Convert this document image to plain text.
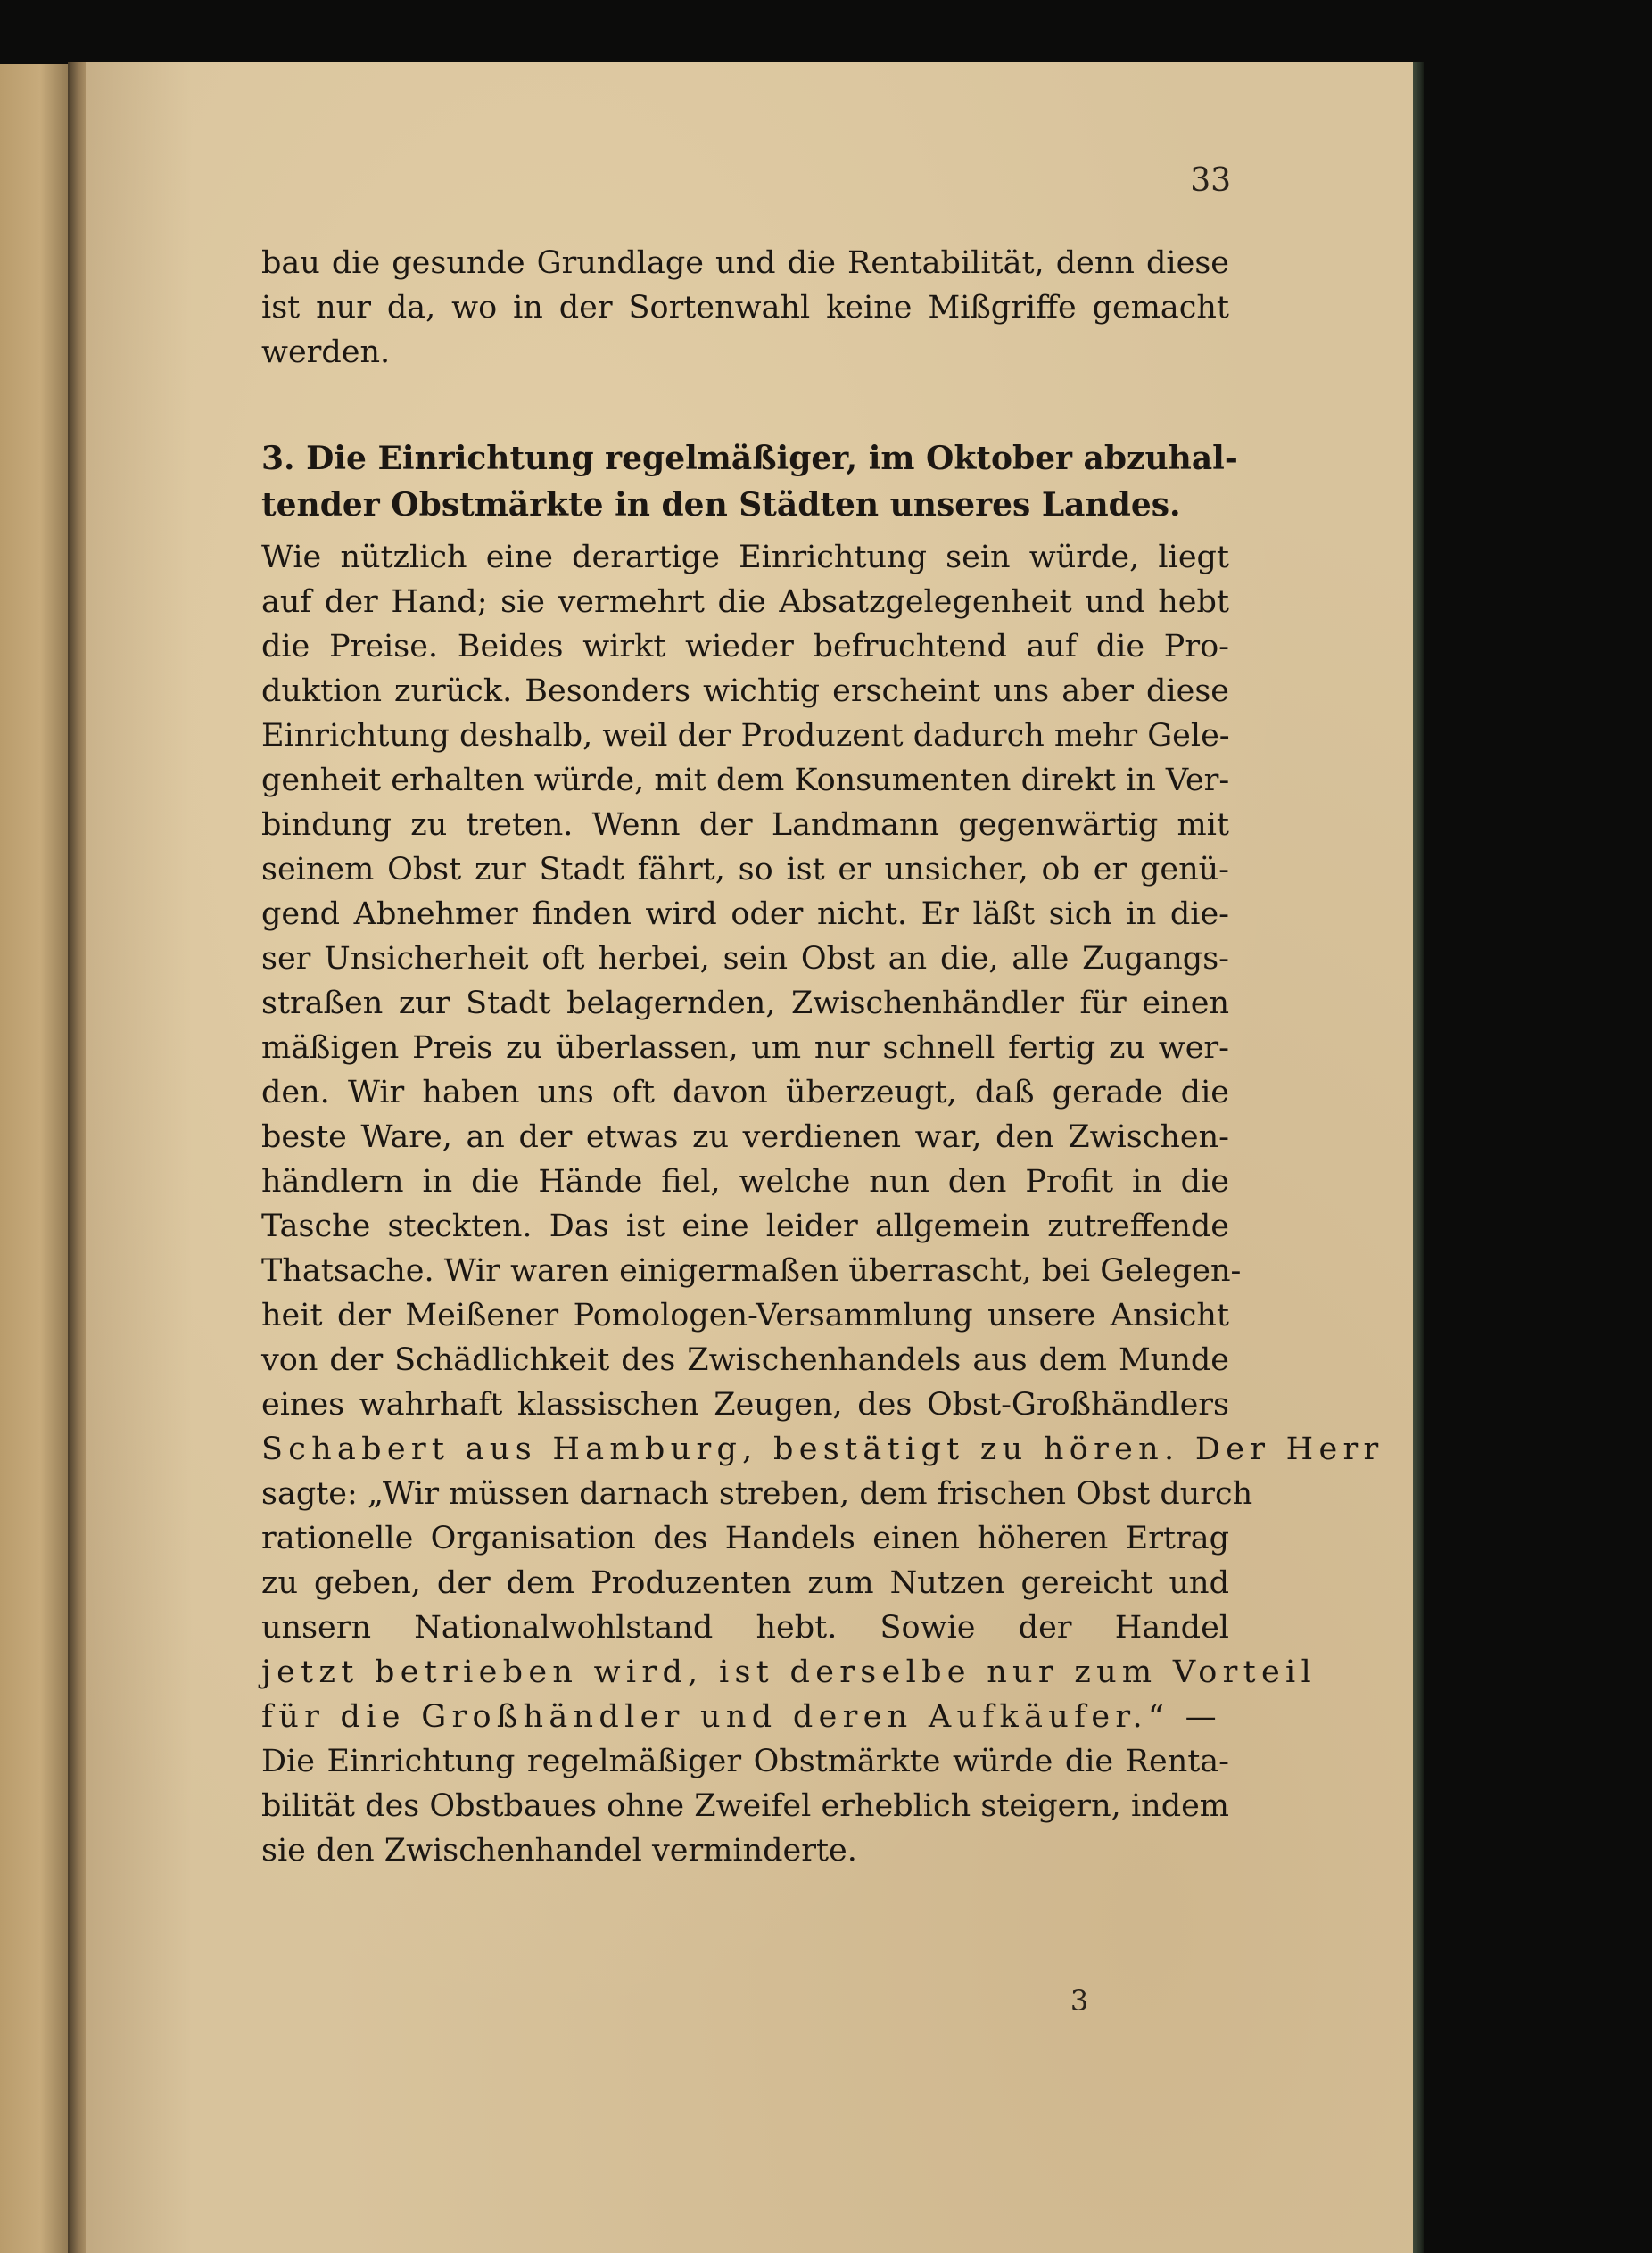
33
bau die gesunde Grundlage und die Rentabilität, denn diese
ist nur da, wo in der Sortenwahl keine Mißgriffe gemacht
werden.
3. Die Einrichtung regelmäßiger, im Oktober abzuhal-
tender Obstmärkte in den Städten unseres Landes.
Wie nützlich eine derartige Einrichtung sein würde, liegt
auf der Hand; sie vermehrt die Absatzgelegenheit und hebt
die Preise. Beides wirkt wieder befruchtend auf die Pro-
duktion zurück. Besonders wichtig erscheint uns aber diese
Einrichtung deshalb, weil der Produzent dadurch mehr Gele-
genheit erhalten würde, mit dem Konsumenten direkt in Ver-
bindung zu treten. Wenn der Landmann gegenwärtig mit
seinem Obst zur Stadt fährt, so ist er unsicher, ob er genü-
gend Abnehmer finden wird oder nicht. Er läßt sich in die-
ser Unsicherheit oft herbei, sein Obst an die, alle Zugangs-
straßen zur Stadt belagernden, Zwischenhändler für einen
mäßigen Preis zu überlassen, um nur schnell fertig zu wer-
den. Wir haben uns oft davon überzeugt, daß gerade die
beste Ware, an der etwas zu verdienen war, den Zwischen-
händlern in die Hände fiel, welche nun den Profit in die
Tasche steckten. Das ist eine leider allgemein zutreffende
Thatsache. Wir waren einigermaßen überrascht, bei Gelegen-
heit der Meißener Pomologen-Versammlung unsere Ansicht
von der Schädlichkeit des Zwischenhandels aus dem Munde
eines wahrhaft klassischen Zeugen, des Obst-Großhändlers
Schabert aus Hamburg, bestätigt zu hören. Der Herr
sagte: „Wir müssen darnach streben, dem frischen Obst durch
rationelle Organisation des Handels einen höheren Ertrag
zu geben, der dem Produzenten zum Nutzen gereicht und
unsern Nationalwohlstand hebt. Sowie der Handel
jetzt betrieben wird, ist derselbe nur zum Vorteil
für die Großhändler und deren Aufkäufer.“ —
Die Einrichtung regelmäßiger Obstmärkte würde die Renta-
bilität des Obstbaues ohne Zweifel erheblich steigern, indem
sie den Zwischenhandel verminderte.
3
